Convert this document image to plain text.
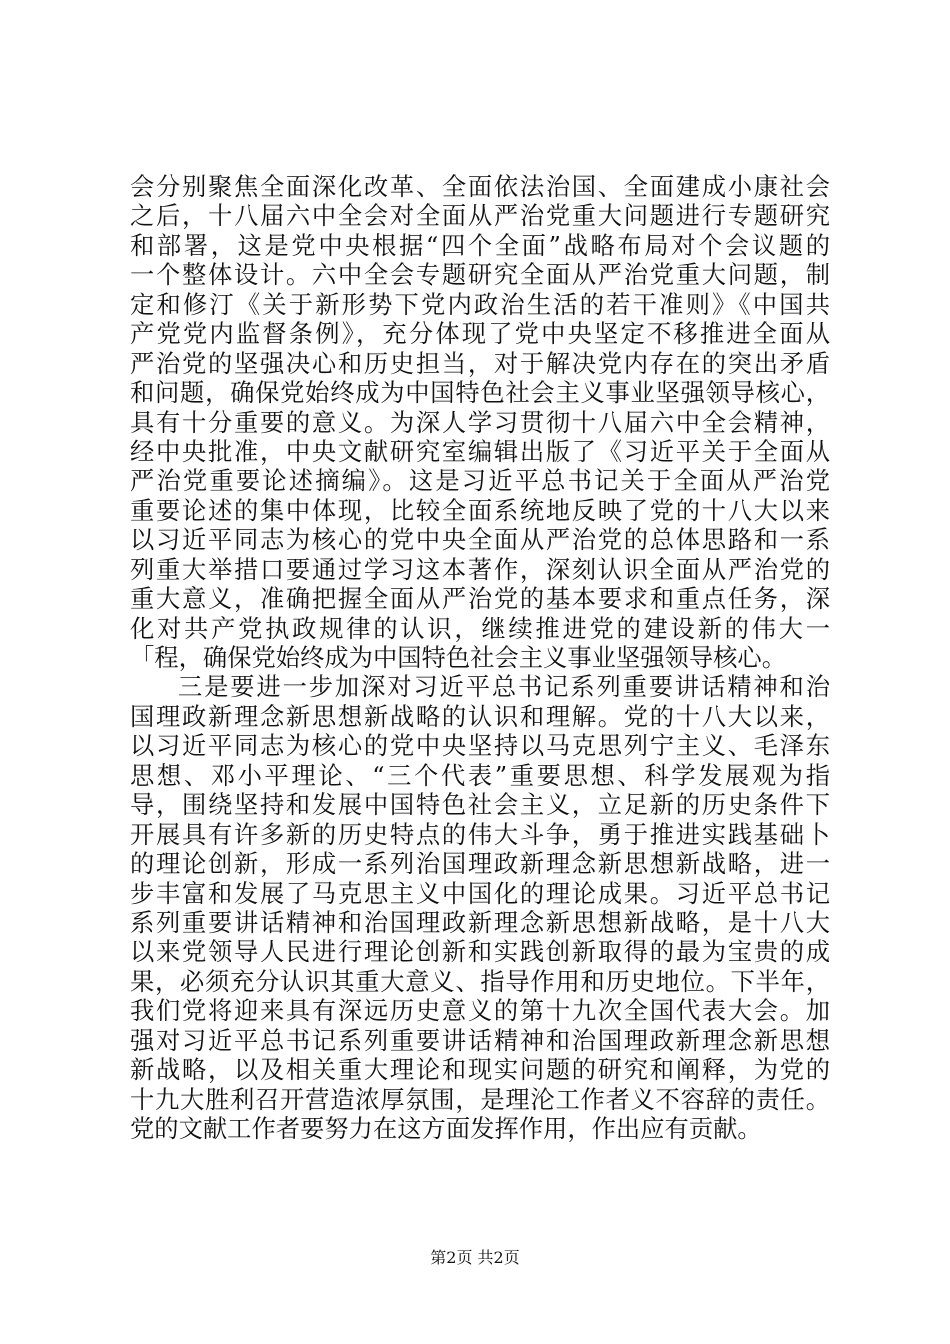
会分别聚焦全面深化改革、全面依法治国、全面建成小康社会
之后，十八届六中全会对全面从严治党重大问题进行专题研究
和部署，这是党中央根据“四个全面”战略布局对个会议题的
一个整体设计。六中全会专题研究全面从严治党重大问题，制
定和修汀《关于新形势下党内政治生活的若干准则》《中国共
产党党内监督条例》，充分体现了党中央坚定不移推进全面从
严治党的坚强决心和历史担当，对于解决党内存在的突出矛盾
和问题，确保党始终成为中国特色社会主义事业坚强领导核心，
具有十分重要的意义。为深人学习贯彻十八届六中全会精神，
经中央批准，中央文献研究室编辑出版了《习近平关于全面从
严治党重要论述摘编》。这是习近平总书记关于全面从严治党
重要论述的集中体现，比较全面系统地反映了党的十八大以来
以习近平同志为核心的党中央全面从严治党的总体思路和一系
列重大举措口要通过学习这本著作，深刻认识全面从严治党的
重大意义，准确把握全面从严治党的基本要求和重点任务，深
化对共产党执政规律的认识，继续推进党的建设新的伟大一
「程，确保党始终成为中国特色社会主义事业坚强领导核心。
三是要进一步加深对习近平总书记系列重要讲话精神和治
国理政新理念新思想新战略的认识和理解。党的十八大以来，
以习近平同志为核心的党中央坚持以马克思列宁主义、毛泽东
思想、邓小平理论、“三个代表”重要思想、科学发展观为指
导，围绕坚持和发展中国特色社会主义，立足新的历史条件下
开展具有许多新的历史特点的伟大斗争，勇于推进实践基础卜
的理论创新，形成一系列治国理政新理念新思想新战略，进一
步丰富和发展了马克思主义中国化的理论成果。习近平总书记
系列重要讲话精神和治国理政新理念新思想新战略，是十八大
以来党领导人民进行理论创新和实践创新取得的最为宝贵的成
果，必须充分认识其重大意义、指导作用和历史地位。下半年，
我们党将迎来具有深远历史意义的第十九次全国代表大会。加
强对习近平总书记系列重要讲话精神和治国理政新理念新思想
新战略，以及相关重大理论和现实问题的研究和阐释，为党的
十九大胜利召开营造浓厚氛围，是理沦工作者义不容辞的责任。
党的文献工作者要努力在这方面发挥作用，作出应有贡献。
第2页 共2页
